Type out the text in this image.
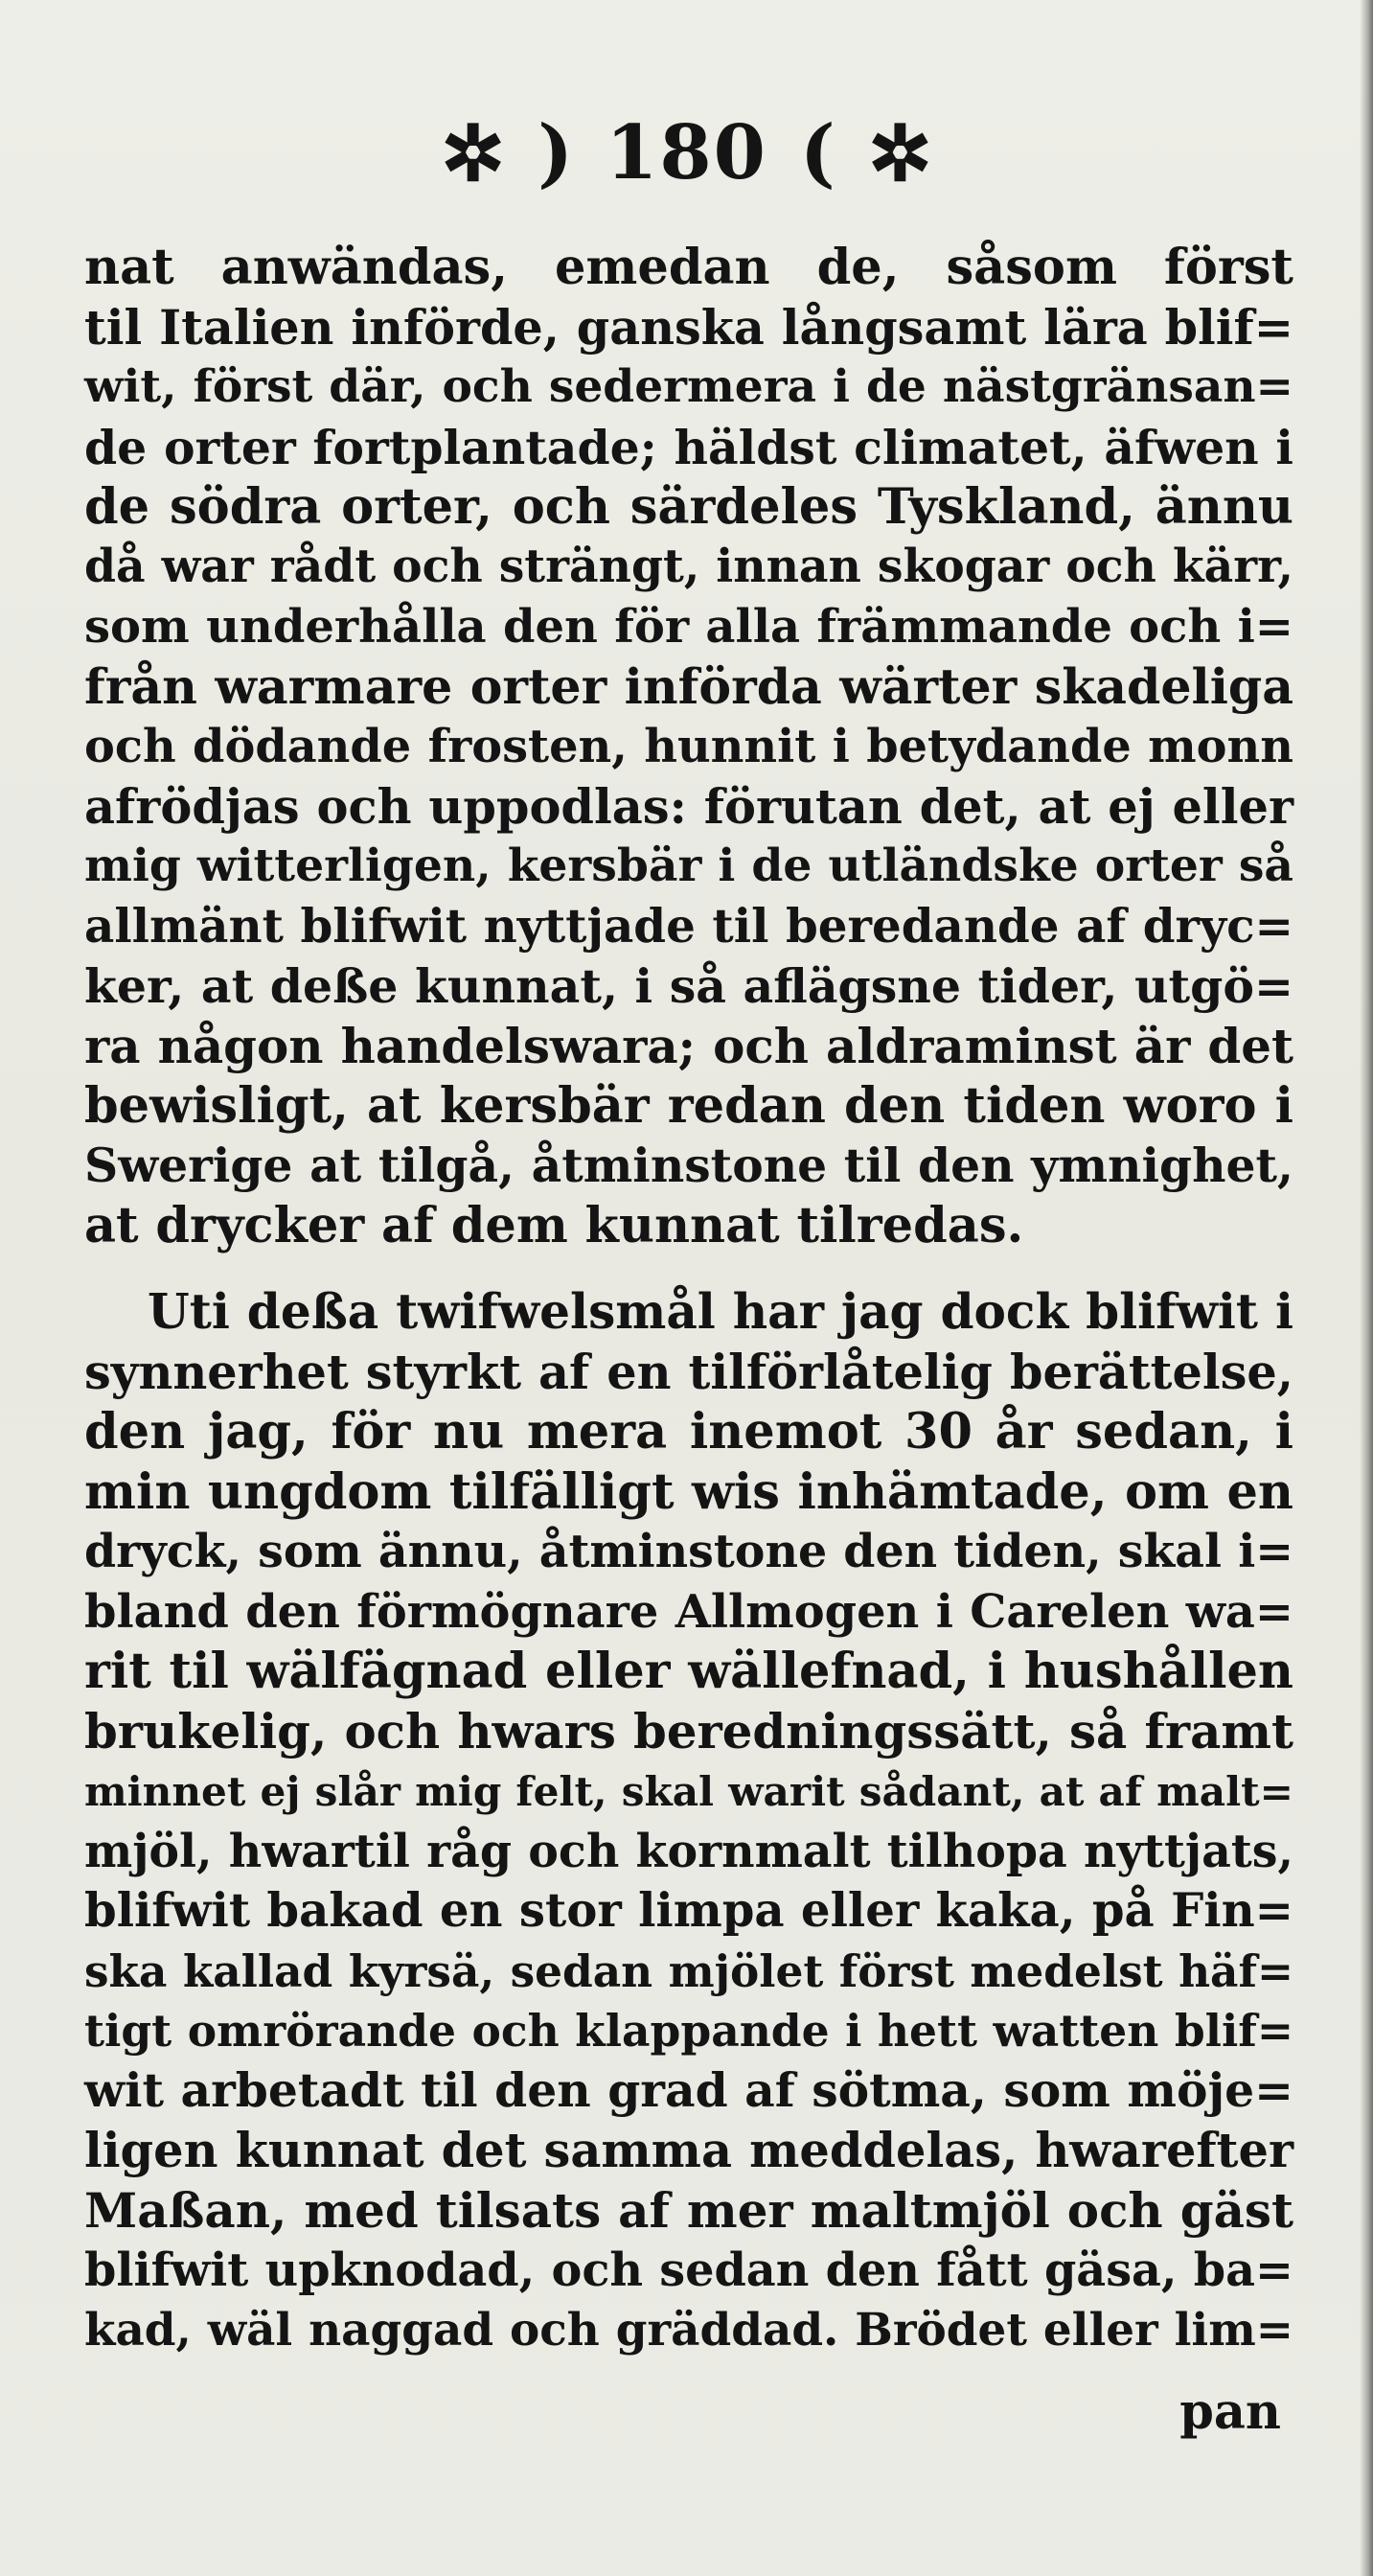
✲ ) 180 ( ✲
nat anwändas, emedan de, såsom först
til Italien införde, ganska långsamt lära blif=
wit, först där, och sedermera i de nästgränsan=
de orter fortplantade; häldst climatet, äfwen i
de södra orter, och särdeles Tyskland, ännu
då war rådt och strängt, innan skogar och kärr,
som underhålla den för alla främmande och i=
från warmare orter införda wärter skadeliga
och dödande frosten, hunnit i betydande monn
afrödjas och uppodlas: förutan det, at ej eller
mig witterligen, kersbär i de utländske orter så
allmänt blifwit nyttjade til beredande af dryc=
ker, at deße kunnat, i så aflägsne tider, utgö=
ra någon handelswara; och aldraminst är det
bewisligt, at kersbär redan den tiden woro i
Swerige at tilgå, åtminstone til den ymnighet,
at drycker af dem kunnat tilredas.
Uti deßa twifwelsmål har jag dock blifwit i
synnerhet styrkt af en tilförlåtelig berättelse,
den jag, för nu mera inemot 30 år sedan, i
min ungdom tilfälligt wis inhämtade, om en
dryck, som ännu, åtminstone den tiden, skal i=
bland den förmögnare Allmogen i Carelen wa=
rit til wälfägnad eller wällefnad, i hushållen
brukelig, och hwars beredningssätt, så framt
minnet ej slår mig felt, skal warit sådant, at af malt=
mjöl, hwartil råg och kornmalt tilhopa nyttjats,
blifwit bakad en stor limpa eller kaka, på Fin=
ska kallad kyrsä, sedan mjölet först medelst häf=
tigt omrörande och klappande i hett watten blif=
wit arbetadt til den grad af sötma, som möje=
ligen kunnat det samma meddelas, hwarefter
Maßan, med tilsats af mer maltmjöl och gäst
blifwit upknodad, och sedan den fått gäsa, ba=
kad, wäl naggad och gräddad. Brödet eller lim=
pan
